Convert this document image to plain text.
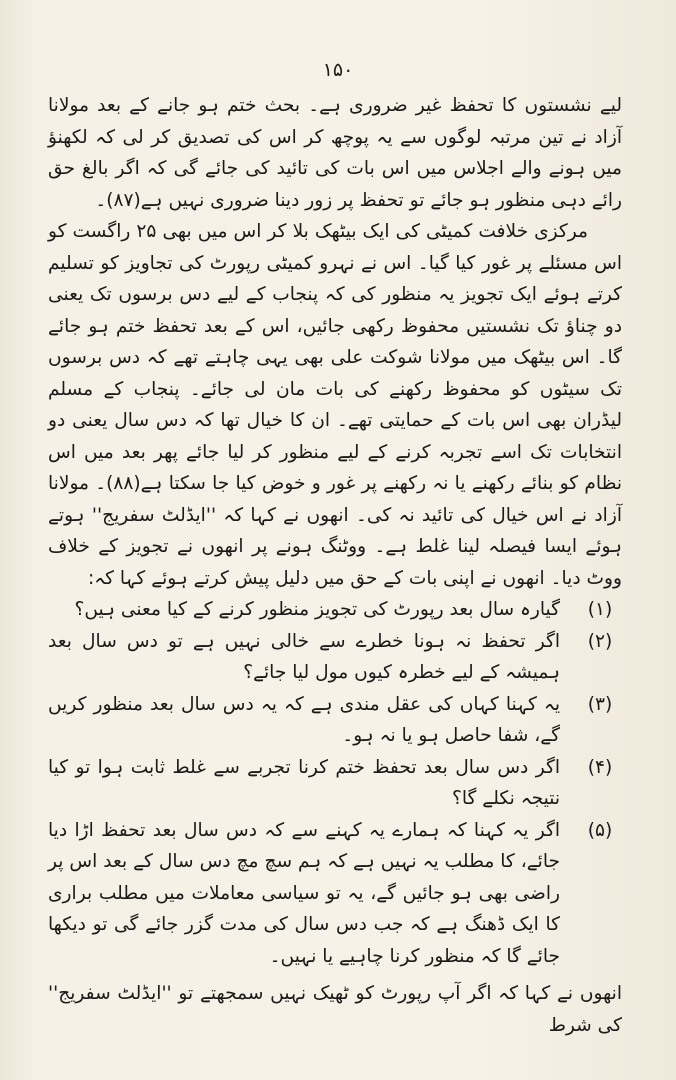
۱۵۰

لیے نشستوں کا تحفظ غیر ضروری ہے۔ بحث ختم ہو جانے کے بعد مولانا آزاد نے تین مرتبہ لوگوں سے یہ پوچھ کر اس کی تصدیق کر لی کہ لکھنؤ میں ہونے والے اجلاس میں اس بات کی تائید کی جائے گی کہ اگر بالغ حق رائے دہی منظور ہو جائے تو تحفظ پر زور دینا ضروری نہیں ہے(۸۷)۔

مرکزی خلافت کمیٹی کی ایک بیٹھک بلا کر اس میں بھی ۲۵ راگست کو اس مسئلے پر غور کیا گیا۔ اس نے نہرو کمیٹی رپورٹ کی تجاویز کو تسلیم کرتے ہوئے ایک تجویز یہ منظور کی کہ پنجاب کے لیے دس برسوں تک یعنی دو چناؤ تک نشستیں محفوظ رکھی جائیں، اس کے بعد تحفظ ختم ہو جائے گا۔ اس بیٹھک میں مولانا شوکت علی بھی یہی چاہتے تھے کہ دس برسوں تک سیٹوں کو محفوظ رکھنے کی بات مان لی جائے۔ پنجاب کے مسلم لیڈران بھی اس بات کے حمایتی تھے۔ ان کا خیال تھا کہ دس سال یعنی دو انتخابات تک اسے تجربہ کرنے کے لیے منظور کر لیا جائے پھر بعد میں اس نظام کو بنائے رکھنے یا نہ رکھنے پر غور و خوض کیا جا سکتا ہے(۸۸)۔ مولانا آزاد نے اس خیال کی تائید نہ کی۔ انھوں نے کہا کہ ''ایڈلٹ سفریج'' ہوتے ہوئے ایسا فیصلہ لینا غلط ہے۔ ووٹنگ ہونے پر انھوں نے تجویز کے خلاف ووٹ دیا۔ انھوں نے اپنی بات کے حق میں دلیل پیش کرتے ہوئے کہا کہ:

(۱)
گیارہ سال بعد رپورٹ کی تجویز منظور کرنے کے کیا معنی ہیں؟
(۲)
اگر تحفظ نہ ہونا خطرے سے خالی نہیں ہے تو دس سال بعد ہمیشہ کے لیے خطرہ کیوں مول لیا جائے؟
(۳)
یہ کہنا کہاں کی عقل مندی ہے کہ یہ دس سال بعد منظور کریں گے، شفا حاصل ہو یا نہ ہو۔
(۴)
اگر دس سال بعد تحفظ ختم کرنا تجربے سے غلط ثابت ہوا تو کیا نتیجہ نکلے گا؟
(۵)
اگر یہ کہنا کہ ہمارے یہ کہنے سے کہ دس سال بعد تحفظ اڑا دیا جائے، کا مطلب یہ نہیں ہے کہ ہم سچ مچ دس سال کے بعد اس پر راضی بھی ہو جائیں گے، یہ تو سیاسی معاملات میں مطلب براری کا ایک ڈھنگ ہے کہ جب دس سال کی مدت گزر جائے گی تو دیکھا جائے گا کہ منظور کرنا چاہیے یا نہیں۔

انھوں نے کہا کہ اگر آپ رپورٹ کو ٹھیک نہیں سمجھتے تو ''ایڈلٹ سفریج'' کی شرط
